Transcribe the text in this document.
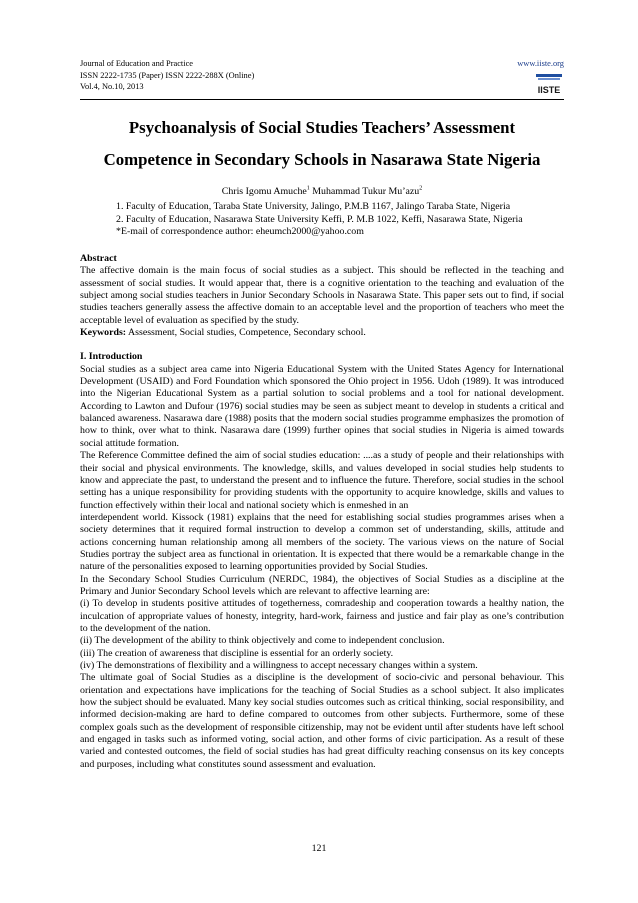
Journal of Education and Practice
ISSN 2222-1735 (Paper) ISSN 2222-288X (Online)
Vol.4, No.10, 2013
www.iiste.org
IISTE
Psychoanalysis of Social Studies Teachers’ Assessment
Competence in Secondary Schools in Nasarawa State Nigeria
Chris Igomu Amuche$^1$ Muhammad Tukur Mu’azu$^2$
1. Faculty of Education, Taraba State University, Jalingo, P.M.B 1167, Jalingo Taraba State, Nigeria
2. Faculty of Education, Nasarawa State University Keffi, P. M.B 1022, Keffi, Nasarawa State, Nigeria
*E-mail of correspondence author: eheumch2000@yahoo.com

Abstract

The affective domain is the main focus of social studies as a subject. This should be reflected in the teaching and assessment of social studies. It would appear that, there is a cognitive orientation to the teaching and evaluation of the subject among social studies teachers in Junior Secondary Schools in Nasarawa State. This paper sets out to find, if social studies teachers generally assess the affective domain to an acceptable level and the proportion of teachers who meet the acceptable level of evaluation as specified by the study.

Keywords: Assessment, Social studies, Competence, Secondary school.

I. Introduction

Social studies as a subject area came into Nigeria Educational System with the United States Agency for International Development (USAID) and Ford Foundation which sponsored the Ohio project in 1956. Udoh (1989). It was introduced into the Nigerian Educational System as a partial solution to social problems and a tool for national development. According to Lawton and Dufour (1976) social studies may be seen as subject meant to develop in students a critical and balanced awareness. Nasarawa dare (1988) posits that the modern social studies programme emphasizes the promotion of how to think, over what to think. Nasarawa dare (1999) further opines that social studies in Nigeria is aimed towards social attitude formation.

The Reference Committee defined the aim of social studies education: ....as a study of people and their relationships with their social and physical environments. The knowledge, skills, and values developed in social studies help students to know and appreciate the past, to understand the present and to influence the future. Therefore, social studies in the school setting has a unique responsibility for providing students with the opportunity to acquire knowledge, skills and values to function effectively within their local and national society which is enmeshed in an

interdependent world. Kissock (1981) explains that the need for establishing social studies programmes arises when a society determines that it required formal instruction to develop a common set of understanding, skills, attitude and actions concerning human relationship among all members of the society. The various views on the nature of Social Studies portray the subject area as functional in orientation. It is expected that there would be a remarkable change in the nature of the personalities exposed to learning opportunities provided by Social Studies.

In the Secondary School Studies Curriculum (NERDC, 1984), the objectives of Social Studies as a discipline at the Primary and Junior Secondary School levels which are relevant to affective learning are:

(i) To develop in students positive attitudes of togetherness, comradeship and cooperation towards a healthy nation, the inculcation of appropriate values of honesty, integrity, hard-work, fairness and justice and fair play as one’s contribution to the development of the nation.

(ii) The development of the ability to think objectively and come to independent conclusion.

(iii) The creation of awareness that discipline is essential for an orderly society.

(iv) The demonstrations of flexibility and a willingness to accept necessary changes within a system.

The ultimate goal of Social Studies as a discipline is the development of socio-civic and personal behaviour. This orientation and expectations have implications for the teaching of Social Studies as a school subject. It also implicates how the subject should be evaluated. Many key social studies outcomes such as critical thinking, social responsibility, and informed decision-making are hard to define compared to outcomes from other subjects. Furthermore, some of these complex goals such as the development of responsible citizenship, may not be evident until after students have left school and engaged in tasks such as informed voting, social action, and other forms of civic participation. As a result of these varied and contested outcomes, the field of social studies has had great difficulty reaching consensus on its key concepts and purposes, including what constitutes sound assessment and evaluation.

121
